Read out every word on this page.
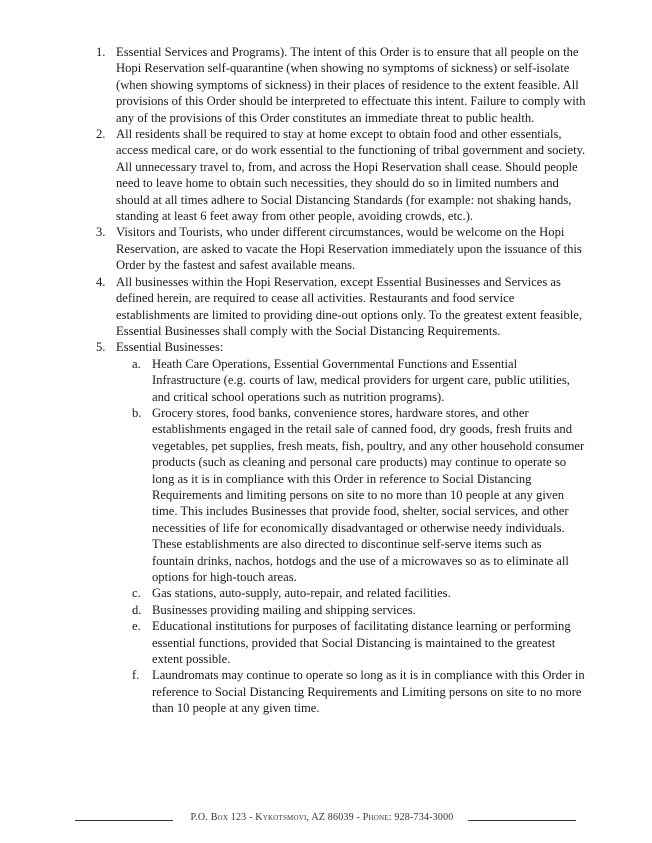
1. Essential Services and Programs). The intent of this Order is to ensure that all people on the Hopi Reservation self-quarantine (when showing no symptoms of sickness) or self-isolate (when showing symptoms of sickness) in their places of residence to the extent feasible. All provisions of this Order should be interpreted to effectuate this intent. Failure to comply with any of the provisions of this Order constitutes an immediate threat to public health.
2. All residents shall be required to stay at home except to obtain food and other essentials, access medical care, or do work essential to the functioning of tribal government and society. All unnecessary travel to, from, and across the Hopi Reservation shall cease. Should people need to leave home to obtain such necessities, they should do so in limited numbers and should at all times adhere to Social Distancing Standards (for example: not shaking hands, standing at least 6 feet away from other people, avoiding crowds, etc.).
3. Visitors and Tourists, who under different circumstances, would be welcome on the Hopi Reservation, are asked to vacate the Hopi Reservation immediately upon the issuance of this Order by the fastest and safest available means.
4. All businesses within the Hopi Reservation, except Essential Businesses and Services as defined herein, are required to cease all activities. Restaurants and food service establishments are limited to providing dine-out options only. To the greatest extent feasible, Essential Businesses shall comply with the Social Distancing Requirements.
5. Essential Businesses:
a. Heath Care Operations, Essential Governmental Functions and Essential Infrastructure (e.g. courts of law, medical providers for urgent care, public utilities, and critical school operations such as nutrition programs).
b. Grocery stores, food banks, convenience stores, hardware stores, and other establishments engaged in the retail sale of canned food, dry goods, fresh fruits and vegetables, pet supplies, fresh meats, fish, poultry, and any other household consumer products (such as cleaning and personal care products) may continue to operate so long as it is in compliance with this Order in reference to Social Distancing Requirements and limiting persons on site to no more than 10 people at any given time. This includes Businesses that provide food, shelter, social services, and other necessities of life for economically disadvantaged or otherwise needy individuals. These establishments are also directed to discontinue self-serve items such as fountain drinks, nachos, hotdogs and the use of a microwaves so as to eliminate all options for high-touch areas.
c. Gas stations, auto-supply, auto-repair, and related facilities.
d. Businesses providing mailing and shipping services.
e. Educational institutions for purposes of facilitating distance learning or performing essential functions, provided that Social Distancing is maintained to the greatest extent possible.
f. Laundromats may continue to operate so long as it is in compliance with this Order in reference to Social Distancing Requirements and Limiting persons on site to no more than 10 people at any given time.
P.O. Box 123 - Kykotsmovi, AZ 86039 - Phone: 928-734-3000
